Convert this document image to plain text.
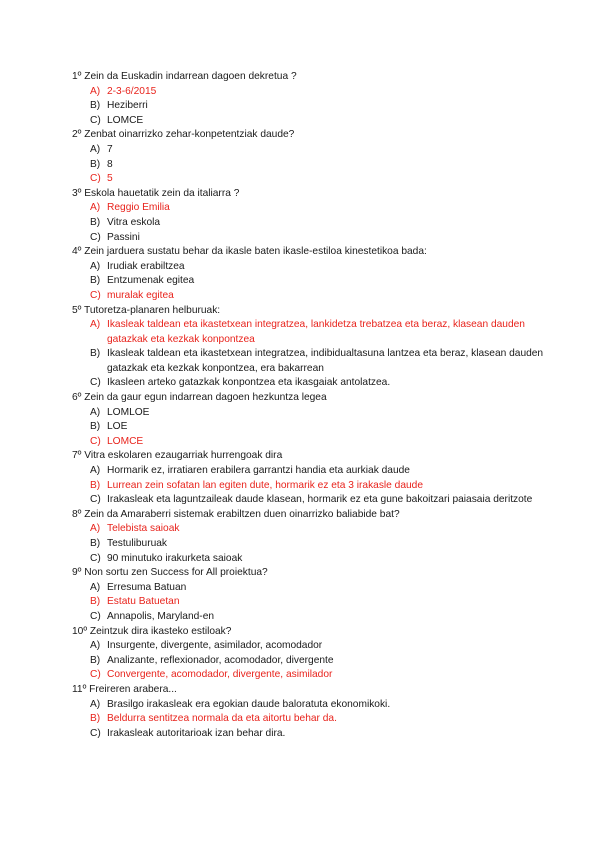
1º Zein da Euskadin indarrean dagoen dekretua ?

A) 2-3-6/2015
B) Heziberri
C) LOMCE

2º Zenbat oinarrizko zehar-konpetentziak daude?

A) 7
B) 8
C) 5

3º Eskola hauetatik zein da italiarra ?

A) Reggio Emilia
B) Vitra eskola
C) Passini

4º Zein jarduera sustatu behar da ikasle baten ikasle-estiloa kinestetikoa bada:

A) Irudiak erabiltzea
B) Entzumenak egitea
C) muralak egitea

5º Tutoretza-planaren helburuak:

A) Ikasleak taldean eta ikastetxean integratzea, lankidetza trebatzea eta beraz, klasean dauden gatazkak eta kezkak konpontzea
B) Ikasleak taldean eta ikastetxean integratzea, indibidualtasuna lantzea eta beraz, klasean dauden gatazkak eta kezkak konpontzea, era bakarrean
C) Ikasleen arteko gatazkak konpontzea eta ikasgaiak antolatzea.

6º Zein da gaur egun indarrean dagoen hezkuntza legea

A) LOMLOE
B) LOE
C) LOMCE

7º Vitra eskolaren ezaugarriak hurrengoak dira

A) Hormarik ez, irratiaren erabilera garrantzi handia eta aurkiak daude
B) Lurrean zein sofatan lan egiten dute, hormarik ez eta 3 irakasle daude
C) Irakasleak eta laguntzaileak daude klasean, hormarik ez eta gune bakoitzari paiasaia deritzote

8º Zein da Amaraberri sistemak erabiltzen duen oinarrizko baliabide bat?

A) Telebista saioak
B) Testuliburuak
C) 90 minutuko irakurketa saioak

9º Non sortu zen Success for All proiektua?

A) Erresuma Batuan
B) Estatu Batuetan
C) Annapolis, Maryland-en

10º Zeintzuk dira ikasteko estiloak?

A) Insurgente, divergente, asimilador, acomodador
B) Analizante, reflexionador, acomodador, divergente
C) Convergente, acomodador, divergente, asimilador

11º Freireren arabera...

A) Brasilgo irakasleak era egokian daude baloratuta ekonomikoki.
B) Beldurra sentitzea normala da eta aitortu behar da.
C) Irakasleak autoritarioak izan behar dira.
